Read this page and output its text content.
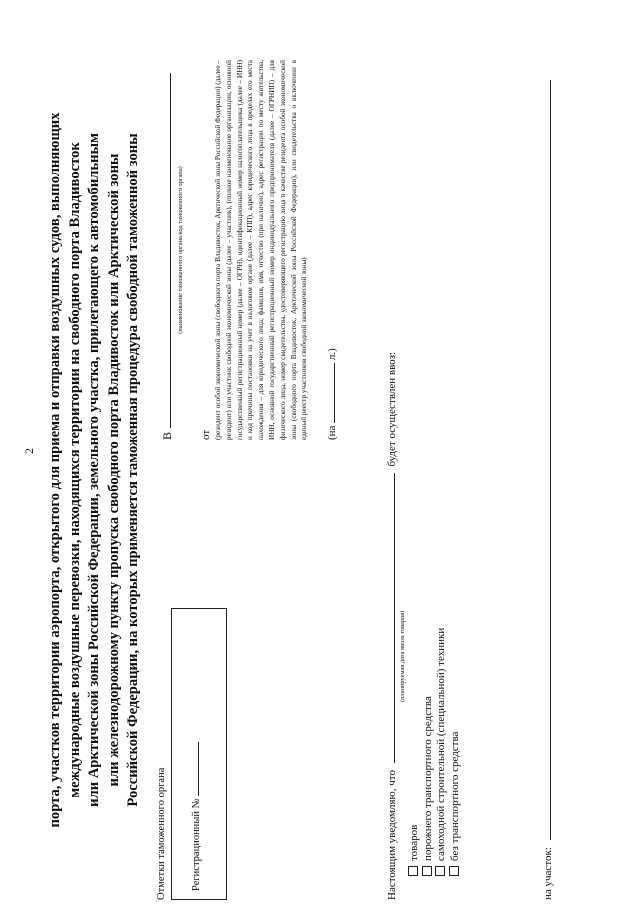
2 порта, участков территории аэропорта, открытого для приема и отправки воздушных судов, выполняющих международные воздушные перевозки, находящихся территории на свободного порта Владивосток или Арктической зоны Российской Федерации, земельного участка, прилегающего к автомобильным или железнодорожному пункту пропуска свободного порта Владивосток или Арктической зоны Российской Федерации, на которых применяется таможенная процедура свободной таможенной зоны
Отметки таможенного органа Регистрационный №
В
(наименование таможенного органа/код таможенного органа)
от (резидент особой экономической зоны (свободного порта Владивосток, Арктической зоны Российской Федерации) (далее – резидент) или участник свободной экономической зоны (далее – участник), (полное наименование организации, основной государственный регистрационный номер (далее – ОГРН), идентификационный номер налогоплательщика (далее – ИНН) и код причины постановки на учет в налоговом органе (далее – КПП), адрес юридического лица в пределах его места нахождения – для юридического лица; фамилия, имя, отчество (при наличии), адрес регистрации по месту жительства, ИНН, основной государственный регистрационный номер индивидуального предпринимателя (далее – ОГРНИП) – для физического лица, номер свидетельства, удостоверяющего регистрацию лица в качестве резидента особой экономической зоны (свободного порта Владивосток, Арктической зоны Российской Федерации), или свидетельства о включении в единый реестр участников свободной экономической зоны) (на  л.)
Настоящим уведомляю, что  будет осуществлен ввоз:
(планируемая дата ввоза товаров)
товаров порожнего транспортного средства самоходной строительной (специальной) техники без транспортного средства
на участок:
